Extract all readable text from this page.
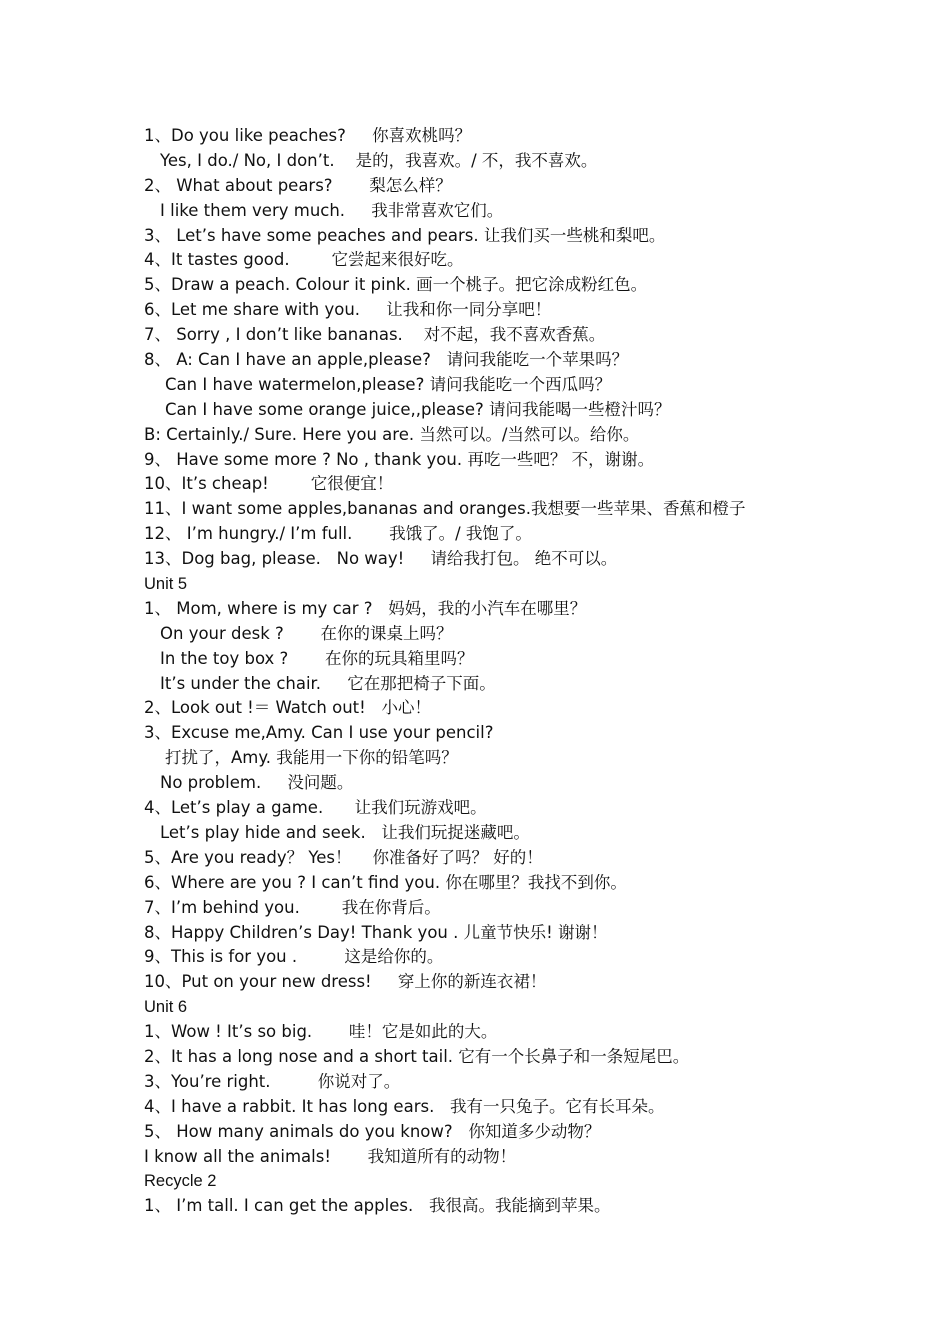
1、Do you like peaches?     你喜欢桃吗？
Yes, I do./ No, I don’t.    是的，我喜欢。/ 不，我不喜欢。
2、 What about pears?       梨怎么样？
I like them very much.     我非常喜欢它们。
3、 Let’s have some peaches and pears. 让我们买一些桃和梨吧。
4、It tastes good.        它尝起来很好吃。
5、Draw a peach. Colour it pink. 画一个桃子。把它涂成粉红色。
6、Let me share with you.     让我和你一同分享吧！
7、 Sorry , I don’t like bananas.    对不起，我不喜欢香蕉。
8、 A: Can I have an apple,please?   请问我能吃一个苹果吗？
Can I have watermelon,please? 请问我能吃一个西瓜吗？
Can I have some orange juice,,please? 请问我能喝一些橙汁吗？
B: Certainly./ Sure. Here you are. 当然可以。/当然可以。给你。
9、 Have some more ? No , thank you. 再吃一些吧？ 不，谢谢。
10、It’s cheap!        它很便宜！
11、I want some apples,bananas and oranges.我想要一些苹果、香蕉和橙子
12、 I’m hungry./ I’m full.       我饿了。/ 我饱了。
13、Dog bag, please.   No way!     请给我打包。 绝不可以。
Unit 5
1、 Mom, where is my car ?   妈妈，我的小汽车在哪里？
On your desk ?       在你的课桌上吗？
In the toy box ?       在你的玩具箱里吗？
It’s under the chair.     它在那把椅子下面。
2、Look out !＝ Watch out!   小心！
3、Excuse me,Amy. Can I use your pencil?
打扰了，Amy. 我能用一下你的铅笔吗？
No problem.     没问题。
4、Let’s play a game.      让我们玩游戏吧。
Let’s play hide and seek.   让我们玩捉迷藏吧。
5、Are you ready？ Yes！    你准备好了吗？ 好的！
6、Where are you ? I can’t find you. 你在哪里？我找不到你。
7、I’m behind you.        我在你背后。
8、Happy Children’s Day! Thank you . 儿童节快乐! 谢谢！
9、This is for you .         这是给你的。
10、Put on your new dress!     穿上你的新连衣裙！
Unit 6
1、Wow ! It’s so big.       哇！它是如此的大。
2、It has a long nose and a short tail. 它有一个长鼻子和一条短尾巴。
3、You’re right.         你说对了。
4、I have a rabbit. It has long ears.   我有一只兔子。它有长耳朵。
5、 How many animals do you know?   你知道多少动物？
I know all the animals!       我知道所有的动物！
Recycle 2
1、 I’m tall. I can get the apples.   我很高。我能摘到苹果。
